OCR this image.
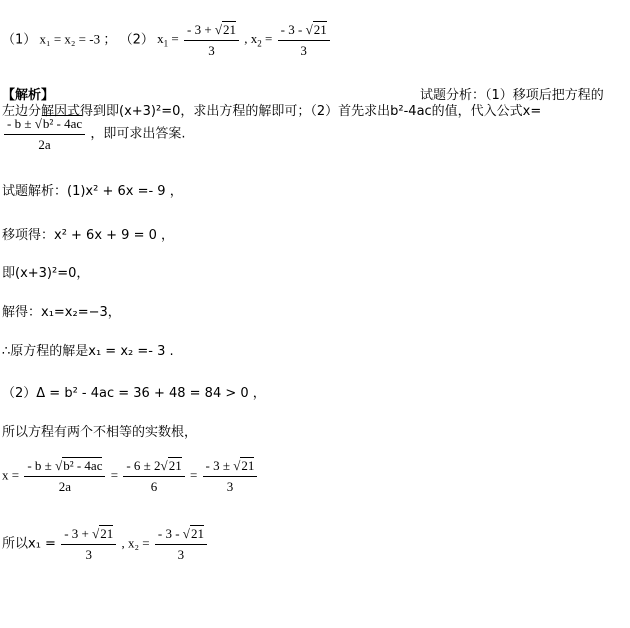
（1） x₁ = x₂ = -3 ； （2） $x_1 = \frac{- 3 + √21}{3}$ , $x_2 = \frac{- 3 - √21}{3}$
【解析】	试题分析：（1）移项后把方程的
左边分解因式得到即(x+3)²=0，求出方程的解即可；（2）首先求出b²-4ac的值，代入公式x=
$\frac{\text{- b ± √b² - 4ac}}{2a}$ ，即可求出答案.
试题解析：(1)x² + 6x =- 9 ，
移项得：x² + 6x + 9 = 0 ，
即(x+3)²=0，
解得：x₁=x₂=−3，
∴原方程的解是x₁ = x₂ =- 3 .
（2）Δ = b² - 4ac = 36 + 48 = 84 > 0 ，
所以方程有两个不相等的实数根，
$x = \frac{\text{- b ± √b² - 4ac}}{2a} = \frac{- 6 \pm 2√21}{6} = \frac{- 3 \pm √21}{3}$
所以$x_1 = \frac{- 3 + √21}{3}$ , $x_2 = \frac{- 3 - √21}{3}$
